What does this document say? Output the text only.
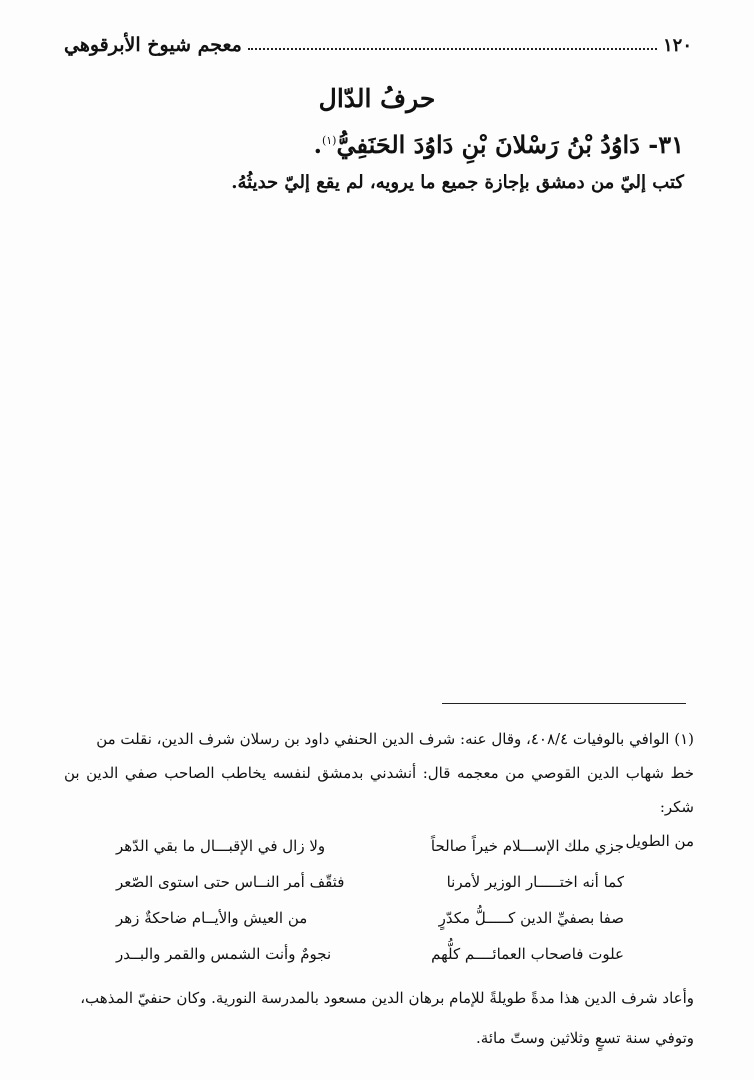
١٢٠
معجم شيوخ الأبرقوهي
حرفُ الدّال
٣١- دَاوُدُ بْنُ رَسْلانَ بْنِ دَاوُدَ الحَنَفِيُّ$^{(١)}$.
كتب إليّ من دمشق بإجازة جميع ما يرويه، لم يقع إليّ حديثُهُ.

(١) الوافي بالوفيات ٤٠٨/٤، وقال عنه: شرف الدين الحنفي داود بن رسلان شرف الدين، نقلت من

خط شهاب الدين القوصي من معجمه قال: أنشدني بدمشق لنفسه يخاطب الصاحب صفي الدين بن شكر:

من الطويل

جزي ملك الإســـلام خيراً صالحاً
ولا زال في الإقبـــال ما بقي الدّهر
كما أنه اختـــــار الوزير لأمرنا
فثقّف أمر النــاس حتى استوى الصّعر
صفا بصفيِّ الدين كـــــلُّ مكدّرٍ
من العيش والأيــام ضاحكةٌ زهر
علوت فاصحاب العمائــــم كلُّهم
نجومٌ وأنت الشمس والقمر والبــدر

وأعاد شرف الدين هذا مدةً طويلةً للإمام برهان الدين مسعود بالمدرسة النورية. وكان حنفيّ المذهب،

وتوفي سنة تسعٍ وثلاثين وستّ مائة.
